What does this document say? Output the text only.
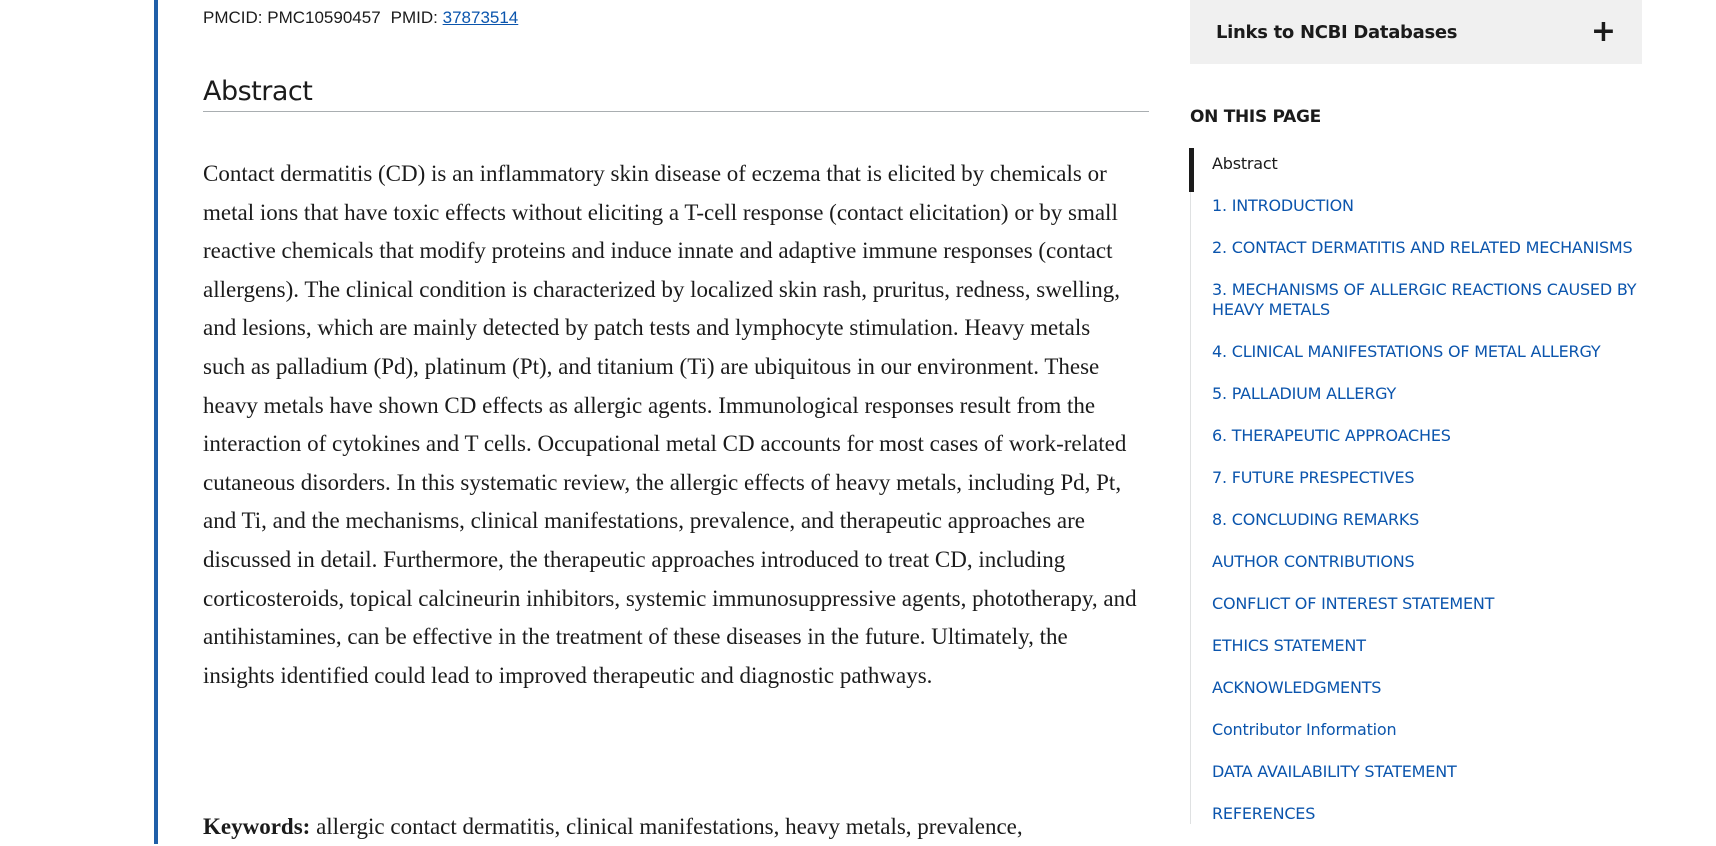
PMCID: PMC10590457 PMID: 37873514
Abstract

Contact dermatitis (CD) is an inflammatory skin disease of eczema that is elicited by chemicals or metal ions that have toxic effects without eliciting a T-cell response (contact elicitation) or by small reactive chemicals that modify proteins and induce innate and adaptive immune responses (contact allergens). The clinical condition is characterized by localized skin rash, pruritus, redness, swelling, and lesions, which are mainly detected by patch tests and lymphocyte stimulation. Heavy metals such as palladium (Pd), platinum (Pt), and titanium (Ti) are ubiquitous in our environment. These heavy metals have shown CD effects as allergic agents. Immunological responses result from the interaction of cytokines and T cells. Occupational metal CD accounts for most cases of work-related cutaneous disorders. In this systematic review, the allergic effects of heavy metals, including Pd, Pt, and Ti, and the mechanisms, clinical manifestations, prevalence, and therapeutic approaches are discussed in detail. Furthermore, the therapeutic approaches introduced to treat CD, including corticosteroids, topical calcineurin inhibitors, systemic immunosuppressive agents, phototherapy, and antihistamines, can be effective in the treatment of these diseases in the future. Ultimately, the insights identified could lead to improved therapeutic and diagnostic pathways.

Keywords: allergic contact dermatitis, clinical manifestations, heavy metals, prevalence,

Links to NCBI Databases	+
ON THIS PAGE
Abstract
1. INTRODUCTION
2. CONTACT DERMATITIS AND RELATED MECHANISMS
3. MECHANISMS OF ALLERGIC REACTIONS CAUSED BY HEAVY METALS
4. CLINICAL MANIFESTATIONS OF METAL ALLERGY
5. PALLADIUM ALLERGY
6. THERAPEUTIC APPROACHES
7. FUTURE PRESPECTIVES
8. CONCLUDING REMARKS
AUTHOR CONTRIBUTIONS
CONFLICT OF INTEREST STATEMENT
ETHICS STATEMENT
ACKNOWLEDGMENTS
Contributor Information
DATA AVAILABILITY STATEMENT
REFERENCES
